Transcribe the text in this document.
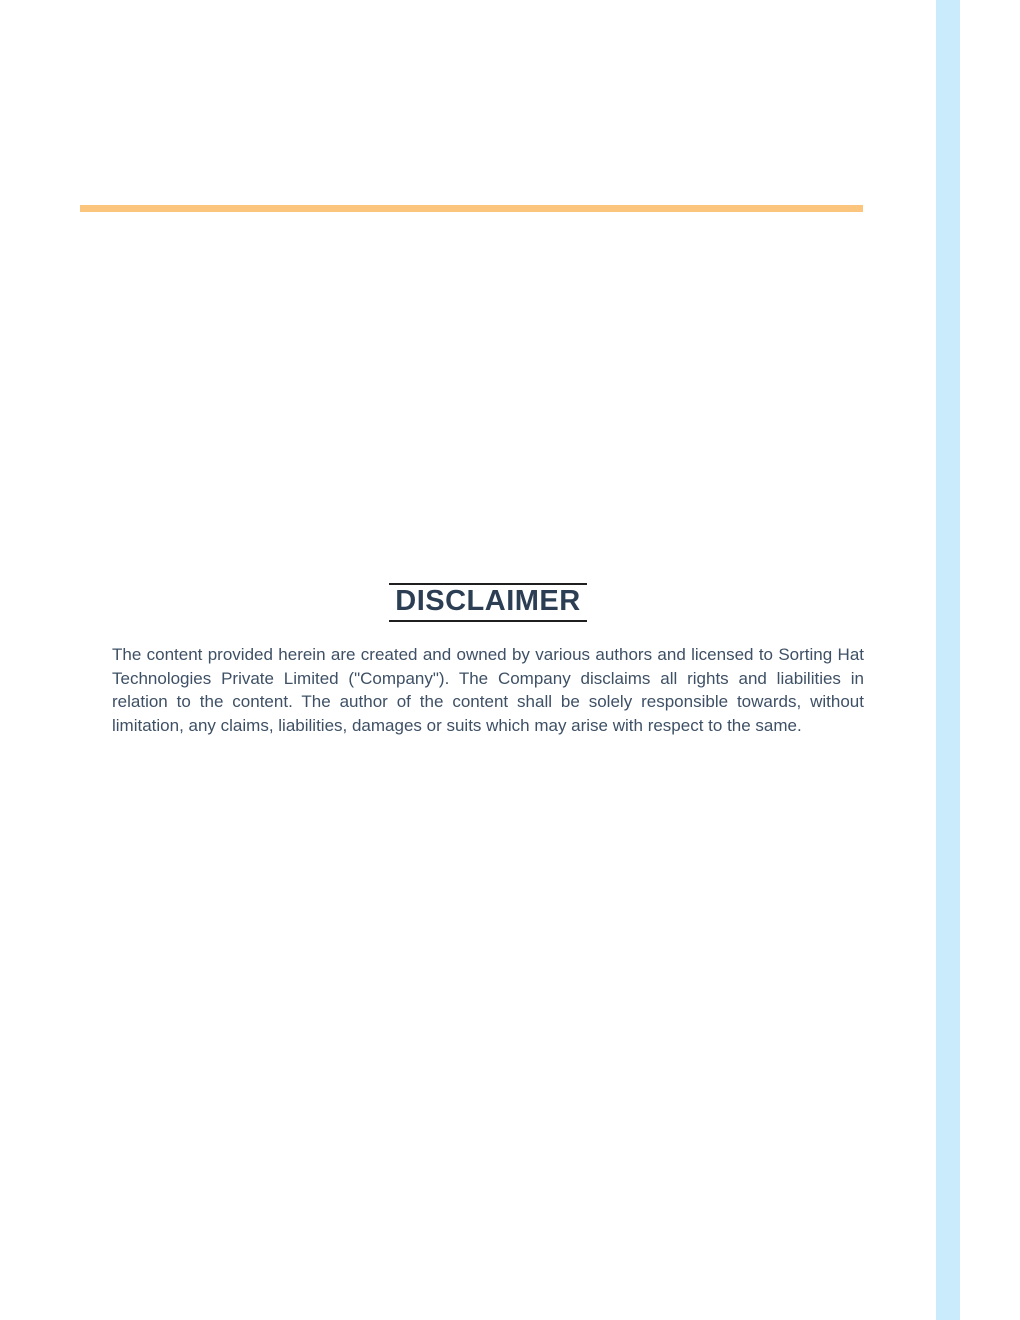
DISCLAIMER

The content provided herein are created and owned by various authors and licensed to Sorting Hat Technologies Private Limited ("Company"). The Company disclaims all rights and liabilities in relation to the content. The author of the content shall be solely responsible towards, without limitation, any claims, liabilities, damages or suits which may arise with respect to the same.
